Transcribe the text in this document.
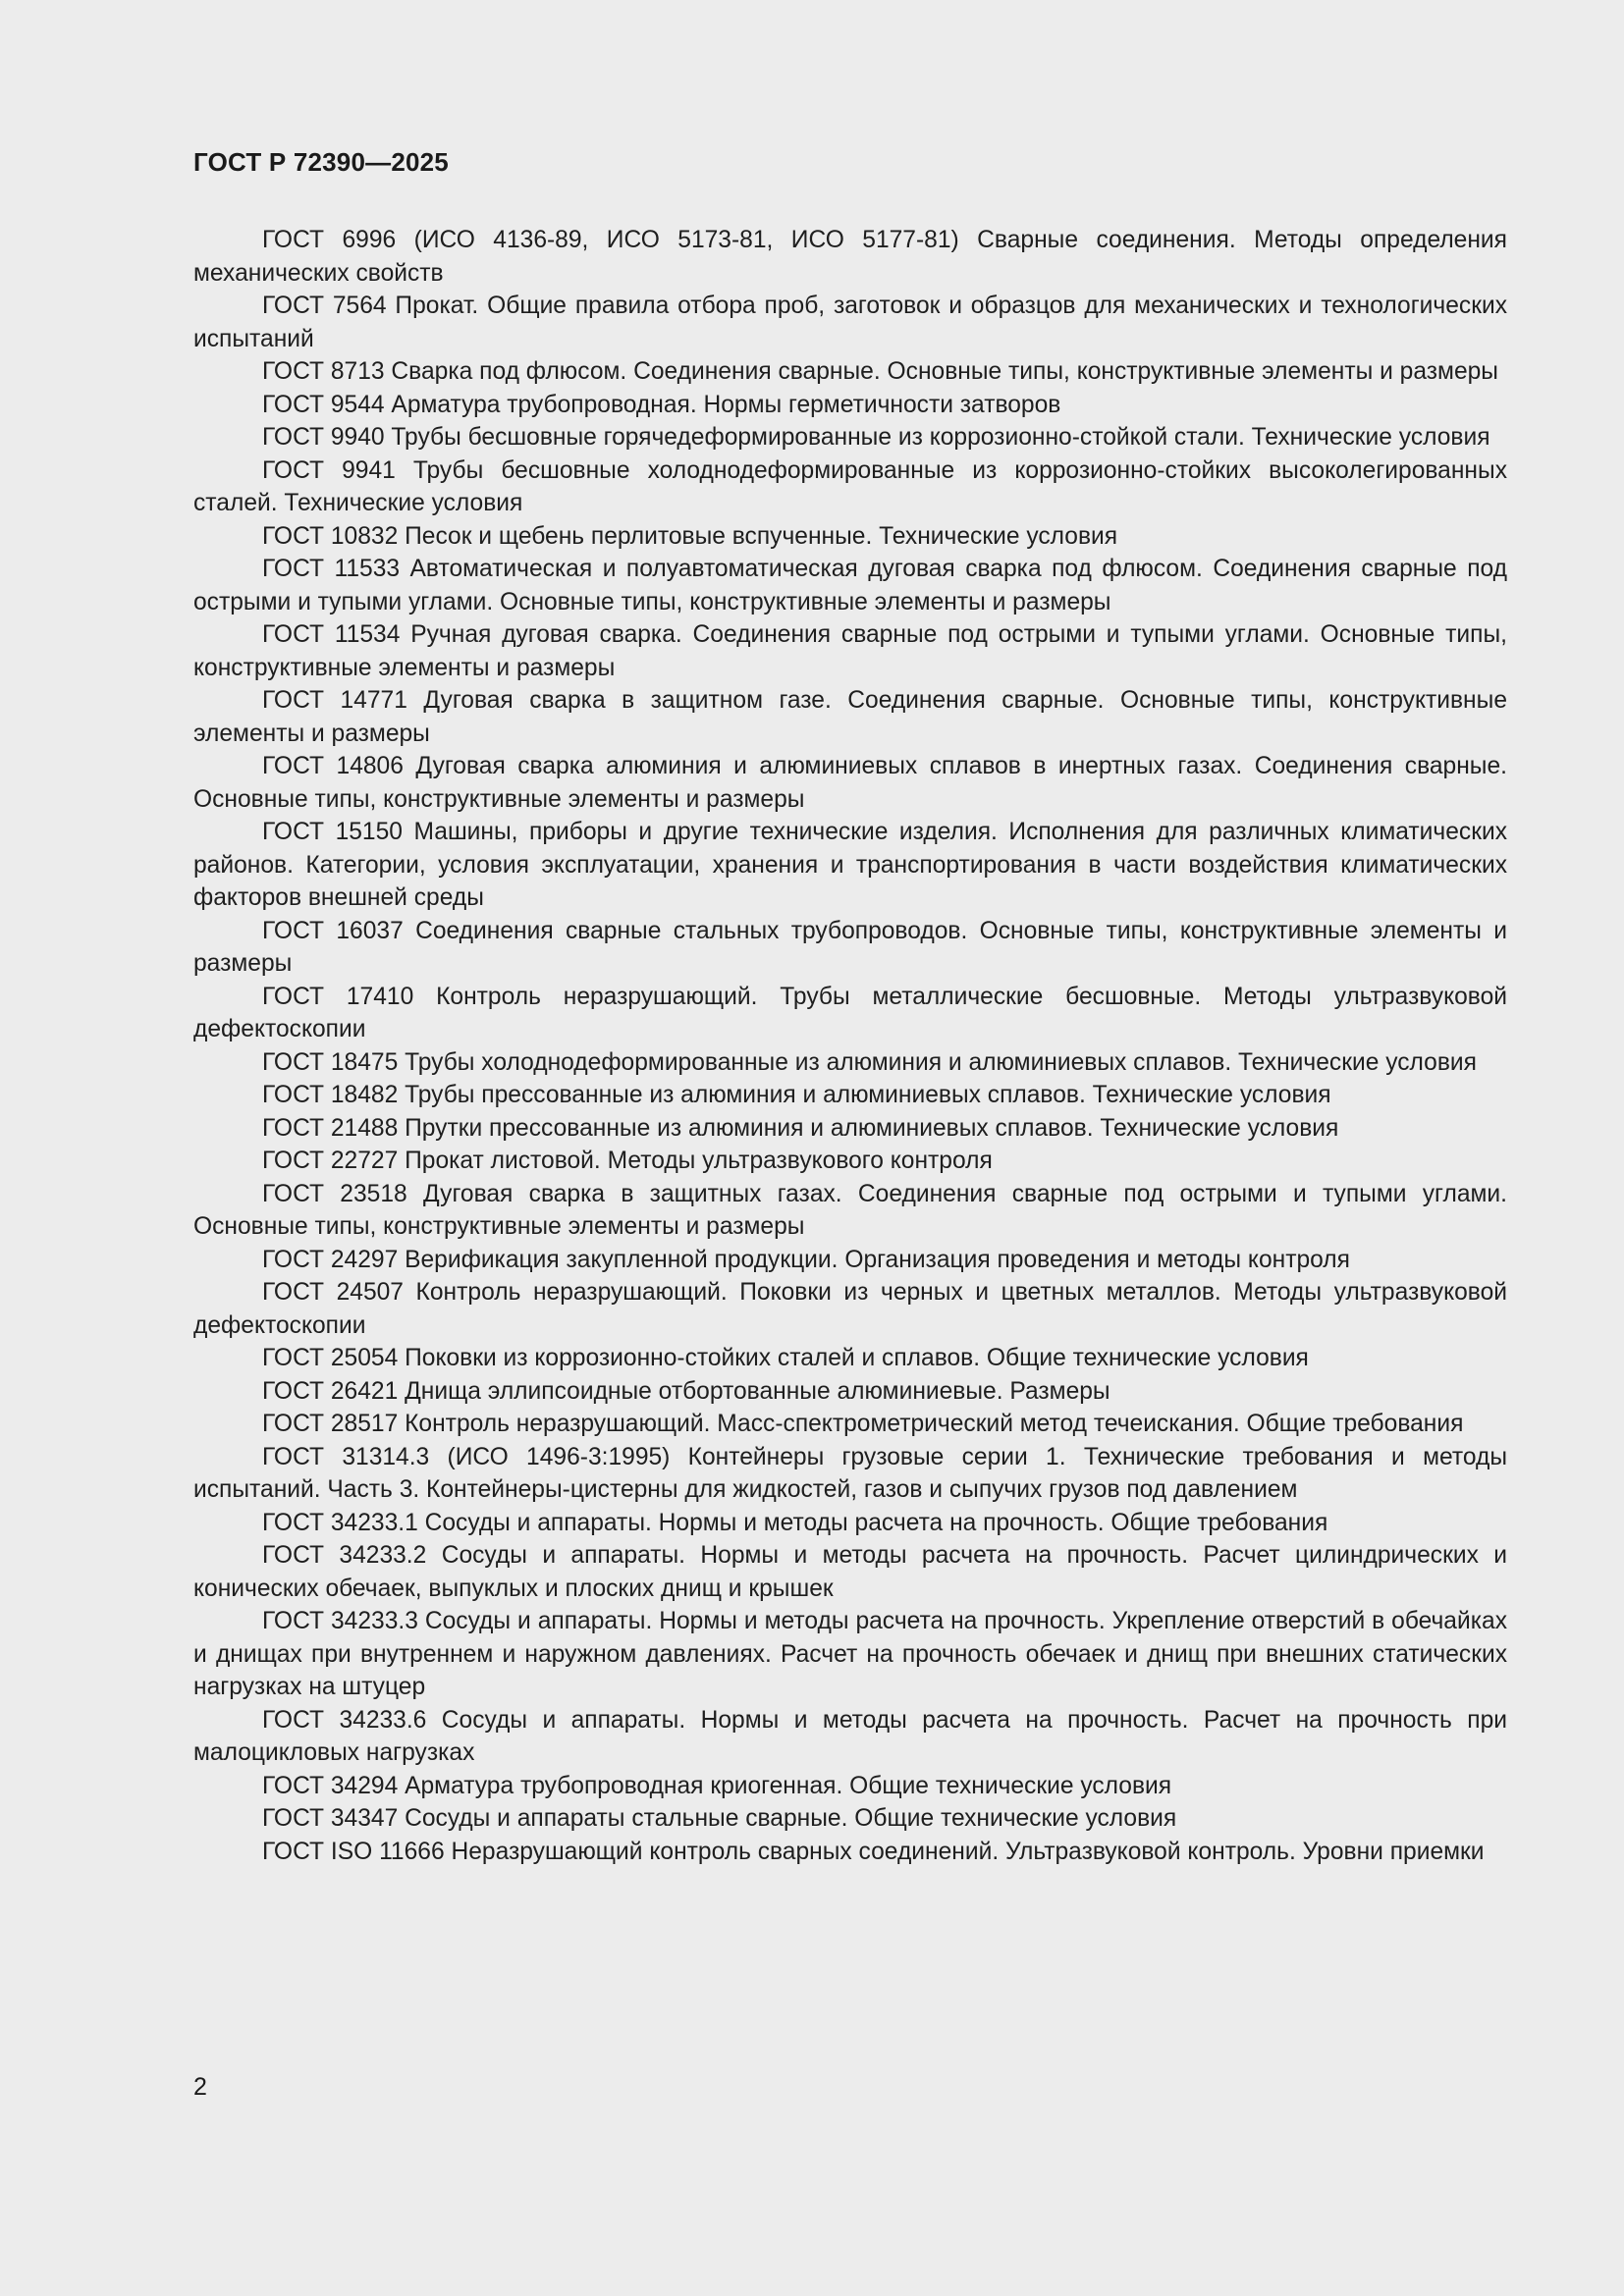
ГОСТ Р 72390—2025

ГОСТ 6996 (ИСО 4136-89, ИСО 5173-81, ИСО 5177-81) Сварные соединения. Методы определения механических свойств

ГОСТ 7564 Прокат. Общие правила отбора проб, заготовок и образцов для механических и технологических испытаний

ГОСТ 8713 Сварка под флюсом. Соединения сварные. Основные типы, конструктивные элементы и размеры

ГОСТ 9544 Арматура трубопроводная. Нормы герметичности затворов

ГОСТ 9940 Трубы бесшовные горячедеформированные из коррозионно-стойкой стали. Технические условия

ГОСТ 9941 Трубы бесшовные холоднодеформированные из коррозионно-стойких высоколегированных сталей. Технические условия

ГОСТ 10832 Песок и щебень перлитовые вспученные. Технические условия

ГОСТ 11533 Автоматическая и полуавтоматическая дуговая сварка под флюсом. Соединения сварные под острыми и тупыми углами. Основные типы, конструктивные элементы и размеры

ГОСТ 11534 Ручная дуговая сварка. Соединения сварные под острыми и тупыми углами. Основные типы, конструктивные элементы и размеры

ГОСТ 14771 Дуговая сварка в защитном газе. Соединения сварные. Основные типы, конструктивные элементы и размеры

ГОСТ 14806 Дуговая сварка алюминия и алюминиевых сплавов в инертных газах. Соединения сварные. Основные типы, конструктивные элементы и размеры

ГОСТ 15150 Машины, приборы и другие технические изделия. Исполнения для различных климатических районов. Категории, условия эксплуатации, хранения и транспортирования в части воздействия климатических факторов внешней среды

ГОСТ 16037 Соединения сварные стальных трубопроводов. Основные типы, конструктивные элементы и размеры

ГОСТ 17410 Контроль неразрушающий. Трубы металлические бесшовные. Методы ультразвуковой дефектоскопии

ГОСТ 18475 Трубы холоднодеформированные из алюминия и алюминиевых сплавов. Технические условия

ГОСТ 18482 Трубы прессованные из алюминия и алюминиевых сплавов. Технические условия

ГОСТ 21488 Прутки прессованные из алюминия и алюминиевых сплавов. Технические условия

ГОСТ 22727 Прокат листовой. Методы ультразвукового контроля

ГОСТ 23518 Дуговая сварка в защитных газах. Соединения сварные под острыми и тупыми углами. Основные типы, конструктивные элементы и размеры

ГОСТ 24297 Верификация закупленной продукции. Организация проведения и методы контроля

ГОСТ 24507 Контроль неразрушающий. Поковки из черных и цветных металлов. Методы ультразвуковой дефектоскопии

ГОСТ 25054 Поковки из коррозионно-стойких сталей и сплавов. Общие технические условия

ГОСТ 26421 Днища эллипсоидные отбортованные алюминиевые. Размеры

ГОСТ 28517 Контроль неразрушающий. Масс-спектрометрический метод течеискания. Общие требования

ГОСТ 31314.3 (ИСО 1496-3:1995) Контейнеры грузовые серии 1. Технические требования и методы испытаний. Часть 3. Контейнеры-цистерны для жидкостей, газов и сыпучих грузов под давлением

ГОСТ 34233.1 Сосуды и аппараты. Нормы и методы расчета на прочность. Общие требования

ГОСТ 34233.2 Сосуды и аппараты. Нормы и методы расчета на прочность. Расчет цилиндрических и конических обечаек, выпуклых и плоских днищ и крышек

ГОСТ 34233.3 Сосуды и аппараты. Нормы и методы расчета на прочность. Укрепление отверстий в обечайках и днищах при внутреннем и наружном давлениях. Расчет на прочность обечаек и днищ при внешних статических нагрузках на штуцер

ГОСТ 34233.6 Сосуды и аппараты. Нормы и методы расчета на прочность. Расчет на прочность при малоцикловых нагрузках

ГОСТ 34294 Арматура трубопроводная криогенная. Общие технические условия

ГОСТ 34347 Сосуды и аппараты стальные сварные. Общие технические условия

ГОСТ ISO 11666 Неразрушающий контроль сварных соединений. Ультразвуковой контроль. Уровни приемки

2
